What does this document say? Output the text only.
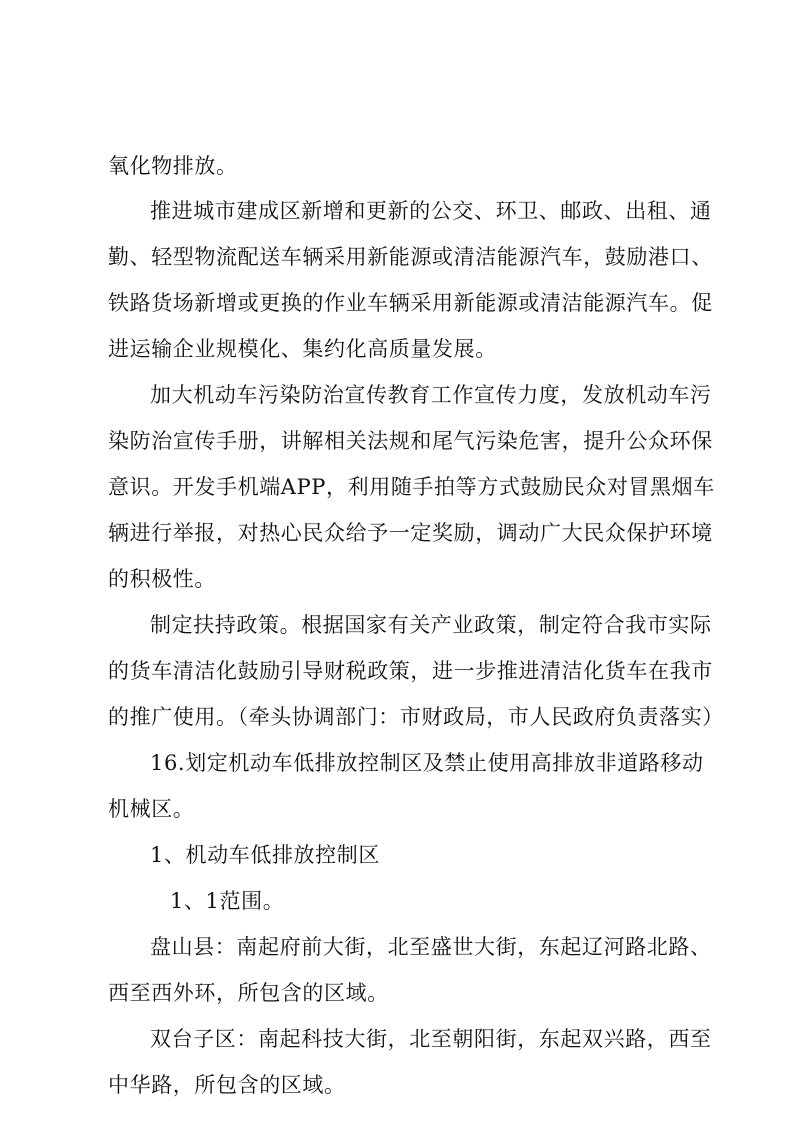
氧化物排放。
推进城市建成区新增和更新的公交、环卫、邮政、出租、通
勤、轻型物流配送车辆采用新能源或清洁能源汽车，鼓励港口、
铁路货场新增或更换的作业车辆采用新能源或清洁能源汽车。促
进运输企业规模化、集约化高质量发展。
加大机动车污染防治宣传教育工作宣传力度，发放机动车污
染防治宣传手册，讲解相关法规和尾气污染危害，提升公众环保
意识。开发手机端APP，利用随手拍等方式鼓励民众对冒黑烟车
辆进行举报，对热心民众给予一定奖励，调动广大民众保护环境
的积极性。
制定扶持政策。根据国家有关产业政策，制定符合我市实际
的货车清洁化鼓励引导财税政策，进一步推进清洁化货车在我市
的推广使用。（牵头协调部门：市财政局，市人民政府负责落实）
16.划定机动车低排放控制区及禁止使用高排放非道路移动
机械区。
1、机动车低排放控制区
1、1范围。
盘山县：南起府前大街，北至盛世大街，东起辽河路北路、
西至西外环，所包含的区域。
双台子区：南起科技大街，北至朝阳街，东起双兴路，西至
中华路，所包含的区域。
